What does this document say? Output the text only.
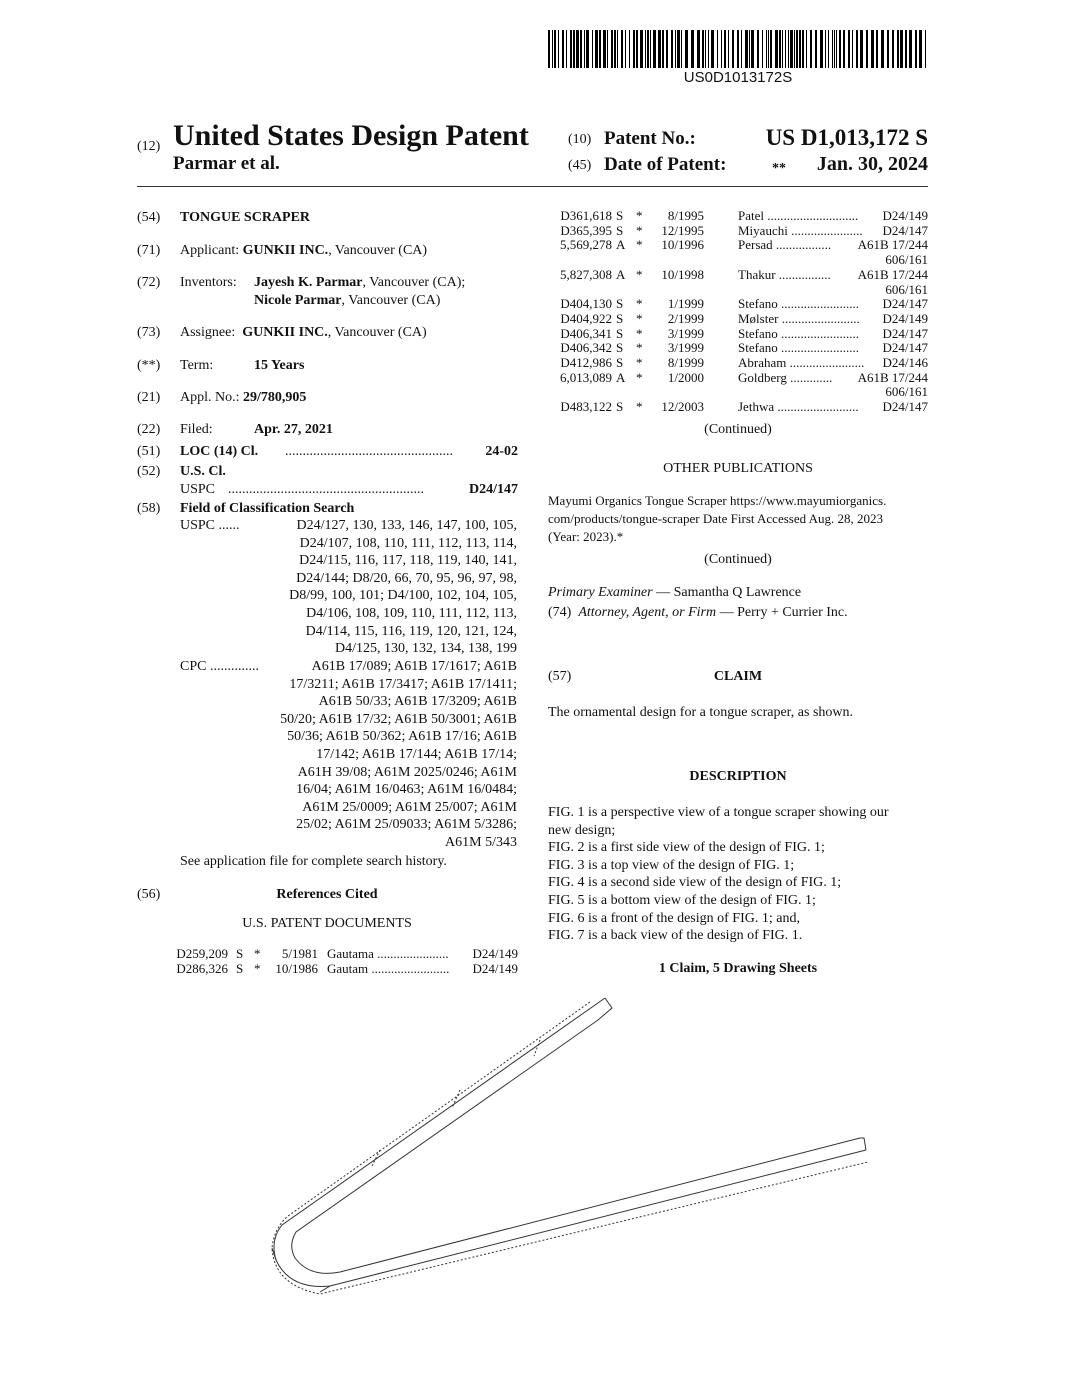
US0D1013172S
(12) United States Design Patent
Parmar et al.
(10) Patent No.:	US D1,013,172 S
(45) Date of Patent:	**	Jan. 30, 2024
(54) TONGUE SCRAPER
(71) Applicant: GUNKII INC., Vancouver (CA)
(72) Inventors: Jayesh K. Parmar, Vancouver (CA);
Nicole Parmar, Vancouver (CA)
(73) Assignee: GUNKII INC., Vancouver (CA)
(**) Term:	15 Years
(21) Appl. No.: 29/780,905
(22) Filed:	Apr. 27, 2021
(51) LOC (14) Cl. ................................................	24-02
(52) U.S. Cl.
USPC ........................................................	D24/147
(58) Field of Classification Search
USPC ......	D24/127, 130, 133, 146, 147, 100, 105,
D24/107, 108, 110, 111, 112, 113, 114,
D24/115, 116, 117, 118, 119, 140, 141,
D24/144; D8/20, 66, 70, 95, 96, 97, 98,
D8/99, 100, 101; D4/100, 102, 104, 105,
D4/106, 108, 109, 110, 111, 112, 113,
D4/114, 115, 116, 119, 120, 121, 124,
D4/125, 130, 132, 134, 138, 199
CPC ..............	A61B 17/089; A61B 17/1617; A61B
17/3211; A61B 17/3417; A61B 17/1411;
A61B 50/33; A61B 17/3209; A61B
50/20; A61B 17/32; A61B 50/3001; A61B
50/36; A61B 50/362; A61B 17/16; A61B
17/142; A61B 17/144; A61B 17/14;
A61H 39/08; A61M 2025/0246; A61M
16/04; A61M 16/0463; A61M 16/0484;
A61M 25/0009; A61M 25/007; A61M
25/02; A61M 25/09033; A61M 5/3286;
A61M 5/343
See application file for complete search history.
(56)	References Cited
U.S. PATENT DOCUMENTS
D259,209 S * 5/1981 Gautama ...................... D24/149
D286,326 S * 10/1986 Gautam ........................ D24/149
D361,618 S * 8/1995	Patel ............................ D24/149
D365,395 S * 12/1995	Miyauchi ...................... D24/147
5,569,278 A * 10/1996	Persad ................. A61B 17/244
606/161
5,827,308 A * 10/1998	Thakur ................ A61B 17/244
606/161
D404,130 S * 1/1999	Stefano ........................ D24/147
D404,922 S * 2/1999	Mølster ........................ D24/149
D406,341 S * 3/1999	Stefano ........................ D24/147
D406,342 S * 3/1999	Stefano ........................ D24/147
D412,986 S * 8/1999	Abraham ....................... D24/146
6,013,089 A * 1/2000	Goldberg ............. A61B 17/244
606/161
D483,122 S * 12/2003	Jethwa ......................... D24/147
(Continued)
OTHER PUBLICATIONS
Mayumi Organics Tongue Scraper https://www.mayumiorganics.
com/products/tongue-scraper Date First Accessed Aug. 28, 2023
(Year: 2023).*
(Continued)
Primary Examiner — Samantha Q Lawrence
(74) Attorney, Agent, or Firm — Perry + Currier Inc.
(57)	CLAIM
The ornamental design for a tongue scraper, as shown.
DESCRIPTION
FIG. 1 is a perspective view of a tongue scraper showing our
new design;
FIG. 2 is a first side view of the design of FIG. 1;
FIG. 3 is a top view of the design of FIG. 1;
FIG. 4 is a second side view of the design of FIG. 1;
FIG. 5 is a bottom view of the design of FIG. 1;
FIG. 6 is a front of the design of FIG. 1; and,
FIG. 7 is a back view of the design of FIG. 1.
1 Claim, 5 Drawing Sheets
